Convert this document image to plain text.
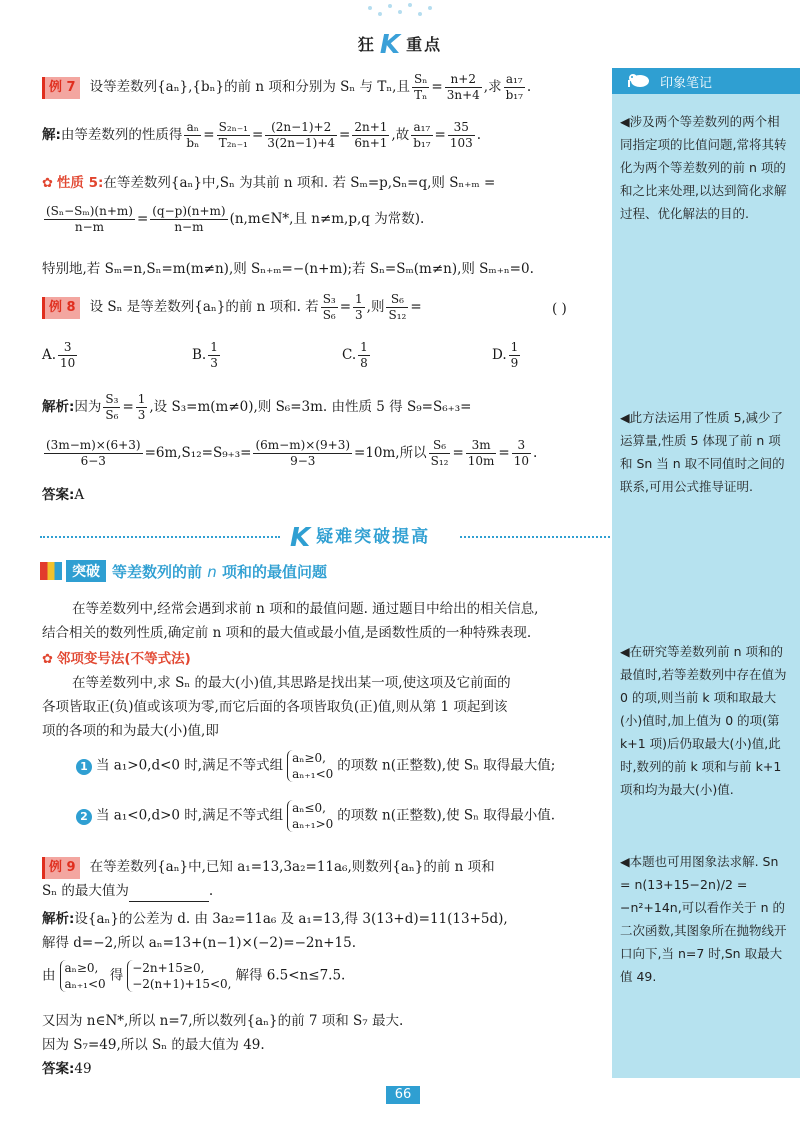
狂 K 重点
印象笔记
◀涉及两个等差数列的两个相同指定项的比值问题,常将其转化为两个等差数列的前 n 项的和之比来处理,以达到简化求解过程、优化解法的目的.
◀此方法运用了性质 5,减少了运算量,性质 5 体现了前 n 项和 Sn 当 n 取不同值时之间的联系,可用公式推导证明.
◀在研究等差数列前 n 项和的最值时,若等差数列中存在值为 0 的项,则当前 k 项和取最大(小)值时,加上值为 0 的项(第 k+1 项)后仍取最大(小)值,此时,数列的前 k 项和与前 k+1 项和均为最大(小)值.
◀本题也可用图象法求解. Sn = n(13+15−2n)/2 = −n²+14n,可以看作关于 n 的二次函数,其图象所在抛物线开口向下,当 n=7 时,Sn 取最大值 49.
例 7 设等差数列{aₙ},{bₙ}的前 n 项和分别为 Sₙ 与 Tₙ,且 $\frac{\text{Sₙ}}{\text{Tₙ}} = \frac{n+2}{3n+4}$ ,求 $\frac{\text{a₁₇}}{\text{b₁₇}}$ .
解:由等差数列的性质得 $\frac{\text{aₙ}}{\text{bₙ}} = \frac{\text{S₂ₙ₋₁}}{\text{T₂ₙ₋₁}} = \frac{(2n-1)+2}{3(2n-1)+4} = \frac{2n+1}{6n+1}$ ,故 $\frac{\text{a₁₇}}{\text{b₁₇}} = \frac{35}{103}$ .
✿ 性质 5:在等差数列{aₙ}中,Sₙ 为其前 n 项和. 若 Sₘ=p,Sₙ=q,则 Sₙ₊ₘ =
$\frac{\text{(Sₙ−Sₘ)(n+m)}}{n-m} = \frac{(q-p)(n+m)}{n-m}$ (n,m∈N*,且 n≠m,p,q 为常数).
特别地,若 Sₘ=n,Sₙ=m(m≠n),则 Sₙ₊ₘ=−(n+m);若 Sₙ=Sₘ(m≠n),则 Sₘ₊ₙ=0.
例 8 设 Sₙ 是等差数列{aₙ}的前 n 项和. 若 $\frac{\text{S₃}}{\text{S₆}} = \frac{1}{3}$ ,则 $\frac{\text{S₆}}{\text{S₁₂}}$ =	( )
A. $\frac{3}{10}$	B. $\frac{1}{3}$	C. $\frac{1}{8}$	D. $\frac{1}{9}$
解析:因为 $\frac{\text{S₃}}{\text{S₆}} = \frac{1}{3}$ ,设 S₃=m(m≠0),则 S₆=3m. 由性质 5 得 S₉=S₆₊₃=
$\frac{(3m-m)\times(6+3)}{6-3} =6m,S_{12}=S_{9+3}= \frac{(6m-m)\times(9+3)}{9-3} =10m$,所以 $\frac{\text{S₆}}{\text{S₁₂}} = \frac{3m}{10m} = \frac{3}{10}$ .
答案:A
K疑难突破提高
突破 等差数列的前 n 项和的最值问题
在等差数列中,经常会遇到求前 n 项和的最值问题. 通过题目中给出的相关信息,
结合相关的数列性质,确定前 n 项和的最大值或最小值,是函数性质的一种特殊表现.
✿ 邻项变号法(不等式法)
在等差数列中,求 Sₙ 的最大(小)值,其思路是找出某一项,使这项及它前面的
各项皆取正(负)值或该项为零,而它后面的各项皆取负(正)值,则从第 1 项起到该
项的各项的和为最大(小)值,即
1 当 a₁>0,d<0 时,满足不等式组 aₙ≥0,
aₙ₊₁<0
的项数 n(正整数),使 Sₙ 取得最大值;
2 当 a₁<0,d>0 时,满足不等式组 aₙ≤0,
aₙ₊₁>0
的项数 n(正整数),使 Sₙ 取得最小值.
例 9 在等差数列{aₙ}中,已知 a₁=13,3a₂=11a₆,则数列{aₙ}的前 n 项和
Sₙ 的最大值为	.
解析:设{aₙ}的公差为 d. 由 3a₂=11a₆ 及 a₁=13,得 3(13+d)=11(13+5d),
解得 d=−2,所以 aₙ=13+(n−1)×(−2)=−2n+15.
由 aₙ≥0,
aₙ₊₁<0
得 −2n+15≥0,
−2(n+1)+15<0,
解得 6.5<n≤7.5.
又因为 n∈N*,所以 n=7,所以数列{aₙ}的前 7 项和 S₇ 最大.
因为 S₇=49,所以 Sₙ 的最大值为 49.
答案:49
66
